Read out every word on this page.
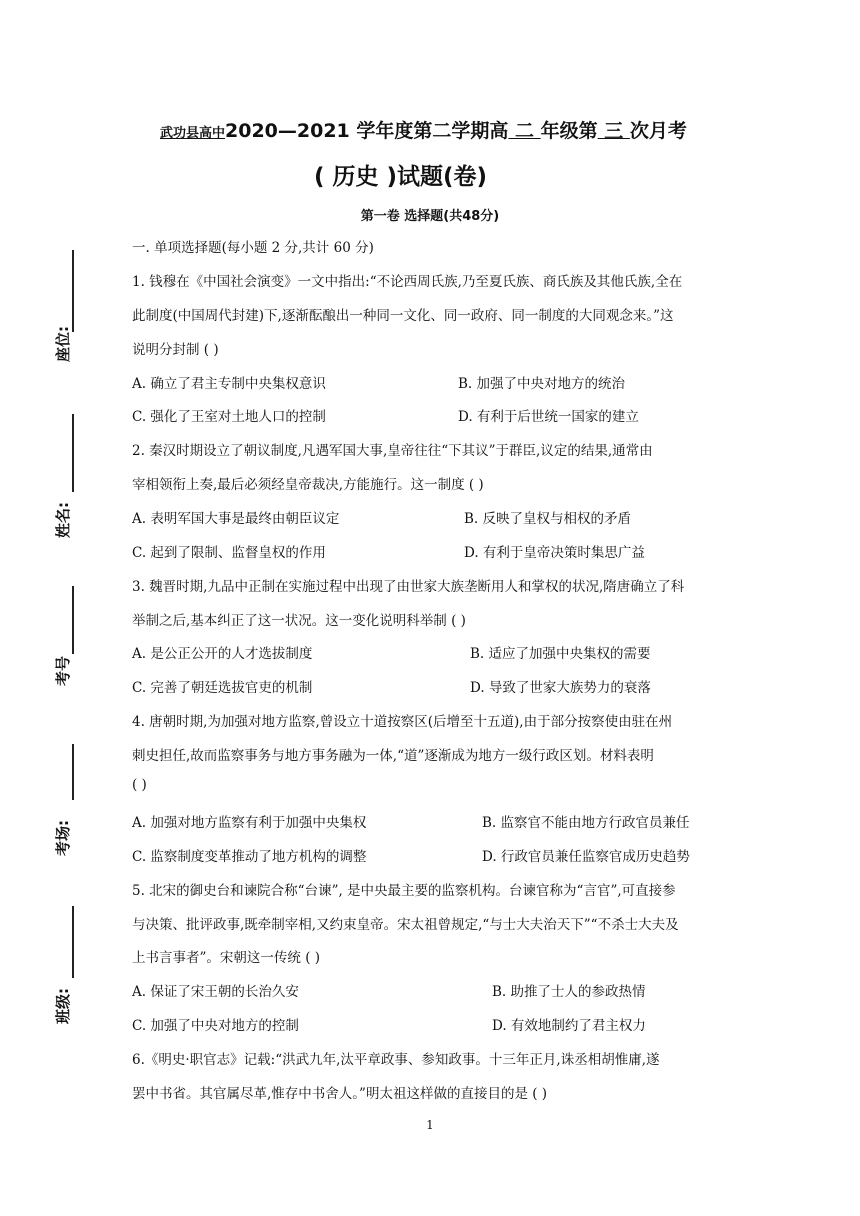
武功县高中2020—2021 学年度第二学期高 二 年级第 三 次月考
( 历史 )试题(卷)
第一卷 选择题(共48分)
座位:
姓名:
考号
考场:
班级:
一. 单项选择题(每小题 2 分,共计 60 分)
1. 钱穆在《中国社会演变》一文中指出:“不论西周氏族,乃至夏氏族、商氏族及其他氏族,全在
此制度(中国周代封建)下,逐渐酝酿出一种同一文化、同一政府、同一制度的大同观念来。”这
说明分封制 ( )
A. 确立了君主专制中央集权意识	B. 加强了中央对地方的统治
C. 强化了王室对土地人口的控制	D. 有利于后世统一国家的建立
2. 秦汉时期设立了朝议制度,凡遇军国大事,皇帝往往“下其议”于群臣,议定的结果,通常由
宰相领衔上奏,最后必须经皇帝裁决,方能施行。这一制度 ( )
A. 表明军国大事是最终由朝臣议定	B. 反映了皇权与相权的矛盾
C. 起到了限制、监督皇权的作用	D. 有利于皇帝决策时集思广益
3. 魏晋时期,九品中正制在实施过程中出现了由世家大族垄断用人和掌权的状况,隋唐确立了科
举制之后,基本纠正了这一状况。这一变化说明科举制 ( )
A. 是公正公开的人才选拔制度	B. 适应了加强中央集权的需要
C. 完善了朝廷选拔官吏的机制	D. 导致了世家大族势力的衰落
4. 唐朝时期,为加强对地方监察,曾设立十道按察区(后增至十五道),由于部分按察使由驻在州
刺史担任,故而监察事务与地方事务融为一体,“道”逐渐成为地方一级行政区划。材料表明
( )
A. 加强对地方监察有利于加强中央集权	B. 监察官不能由地方行政官员兼任
C. 监察制度变革推动了地方机构的调整	D. 行政官员兼任监察官成历史趋势
5. 北宋的御史台和谏院合称“台谏”, 是中央最主要的监察机构。台谏官称为“言官”,可直接参
与决策、批评政事,既牵制宰相,又约束皇帝。宋太祖曾规定,“与士大夫治天下”“不杀士大夫及
上书言事者”。宋朝这一传统 ( )
A. 保证了宋王朝的长治久安	B. 助推了士人的参政热情
C. 加强了中央对地方的控制	D. 有效地制约了君主权力
6.《明史·职官志》记载:“洪武九年,汰平章政事、参知政事。十三年正月,诛丞相胡惟庸,遂
罢中书省。其官属尽革,惟存中书舍人。”明太祖这样做的直接目的是 ( )
1
